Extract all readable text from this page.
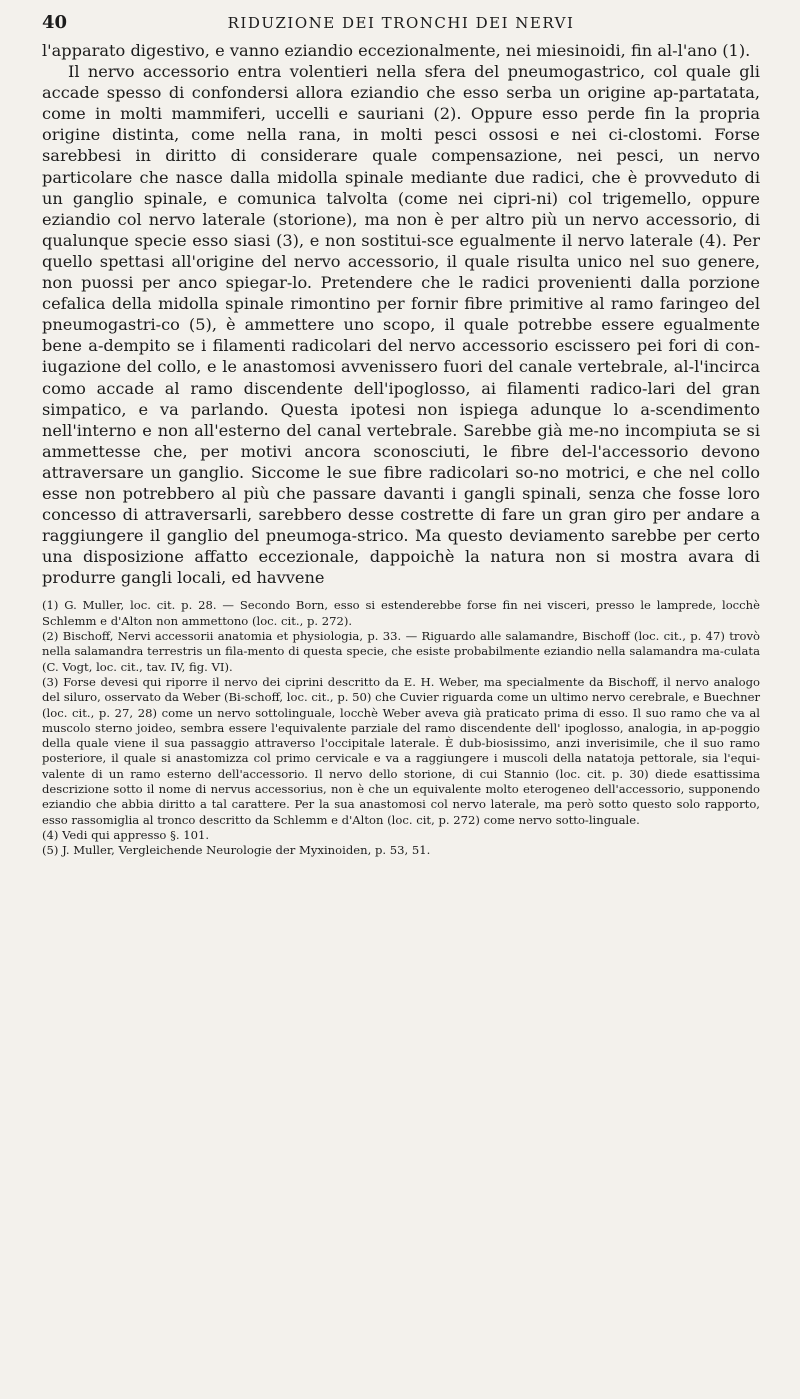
40	RIDUZIONE DEI TRONCHI DEI NERVI

l'apparato digestivo, e vanno eziandio eccezionalmente, nei miesinoidi, fin al-l'ano (1).

Il nervo accessorio entra volentieri nella sfera del pneumogastrico, col quale gli accade spesso di confondersi allora eziandio che esso serba un origine ap-partatata, come in molti mammiferi, uccelli e sauriani (2). Oppure esso perde fin la propria origine distinta, come nella rana, in molti pesci ossosi e nei ci-clostomi. Forse sarebbesi in diritto di considerare quale compensazione, nei pesci, un nervo particolare che nasce dalla midolla spinale mediante due radici, che è provveduto di un ganglio spinale, e comunica talvolta (come nei cipri-ni) col trigemello, oppure eziandio col nervo laterale (storione), ma non è per altro più un nervo accessorio, di qualunque specie esso siasi (3), e non sostitui-sce egualmente il nervo laterale (4). Per quello spettasi all'origine del nervo accessorio, il quale risulta unico nel suo genere, non puossi per anco spiegar-lo. Pretendere che le radici provenienti dalla porzione cefalica della midolla spinale rimontino per fornir fibre primitive al ramo faringeo del pneumogastri-co (5), è ammettere uno scopo, il quale potrebbe essere egualmente bene a-dempito se i filamenti radicolari del nervo accessorio escissero pei fori di con-iugazione del collo, e le anastomosi avvenissero fuori del canale vertebrale, al-l'incirca como accade al ramo discendente dell'ipoglosso, ai filamenti radico-lari del gran simpatico, e va parlando. Questa ipotesi non ispiega adunque lo a-scendimento nell'interno e non all'esterno del canal vertebrale. Sarebbe già me-no incompiuta se si ammettesse che, per motivi ancora sconosciuti, le fibre del-l'accessorio devono attraversare un ganglio. Siccome le sue fibre radicolari so-no motrici, e che nel collo esse non potrebbero al più che passare davanti i gangli spinali, senza che fosse loro concesso di attraversarli, sarebbero desse costrette di fare un gran giro per andare a raggiungere il ganglio del pneumoga-strico. Ma questo deviamento sarebbe per certo una disposizione affatto eccezionale, dappoichè la natura non si mostra avara di produrre gangli locali, ed havvene

(1) G. Muller, loc. cit. p. 28. — Secondo Born, esso si estenderebbe forse fin nei visceri, presso le lamprede, locchè Schlemm e d'Alton non ammettono (loc. cit., p. 272).

(2) Bischoff, Nervi accessorii anatomia et physiologia, p. 33. — Riguardo alle salamandre, Bischoff (loc. cit., p. 47) trovò nella salamandra terrestris un fila-mento di questa specie, che esiste probabilmente eziandio nella salamandra ma-culata (C. Vogt, loc. cit., tav. IV, fig. VI).

(3) Forse devesi qui riporre il nervo dei ciprini descritto da E. H. Weber, ma specialmente da Bischoff, il nervo analogo del siluro, osservato da Weber (Bi-schoff, loc. cit., p. 50) che Cuvier riguarda come un ultimo nervo cerebrale, e Buechner (loc. cit., p. 27, 28) come un nervo sottolinguale, locchè Weber aveva già praticato prima di esso. Il suo ramo che va al muscolo sterno joideo, sembra essere l'equivalente parziale del ramo discendente dell' ipoglosso, analogia, in ap-poggio della quale viene il sua passaggio attraverso l'occipitale laterale. È dub-biosissimo, anzi inverisimile, che il suo ramo posteriore, il quale si anastomizza col primo cervicale e va a raggiungere i muscoli della natatoja pettorale, sia l'equi-valente di un ramo esterno dell'accessorio. Il nervo dello storione, di cui Stannio (loc. cit. p. 30) diede esattissima descrizione sotto il nome di nervus accessorius, non è che un equivalente molto eterogeneo dell'accessorio, supponendo eziandio che abbia diritto a tal carattere. Per la sua anastomosi col nervo laterale, ma però sotto questo solo rapporto, esso rassomiglia al tronco descritto da Schlemm e d'Alton (loc. cit, p. 272) come nervo sotto-linguale.

(4) Vedi qui appresso §. 101.

(5) J. Muller, Vergleichende Neurologie der Myxinoiden, p. 53, 51.
